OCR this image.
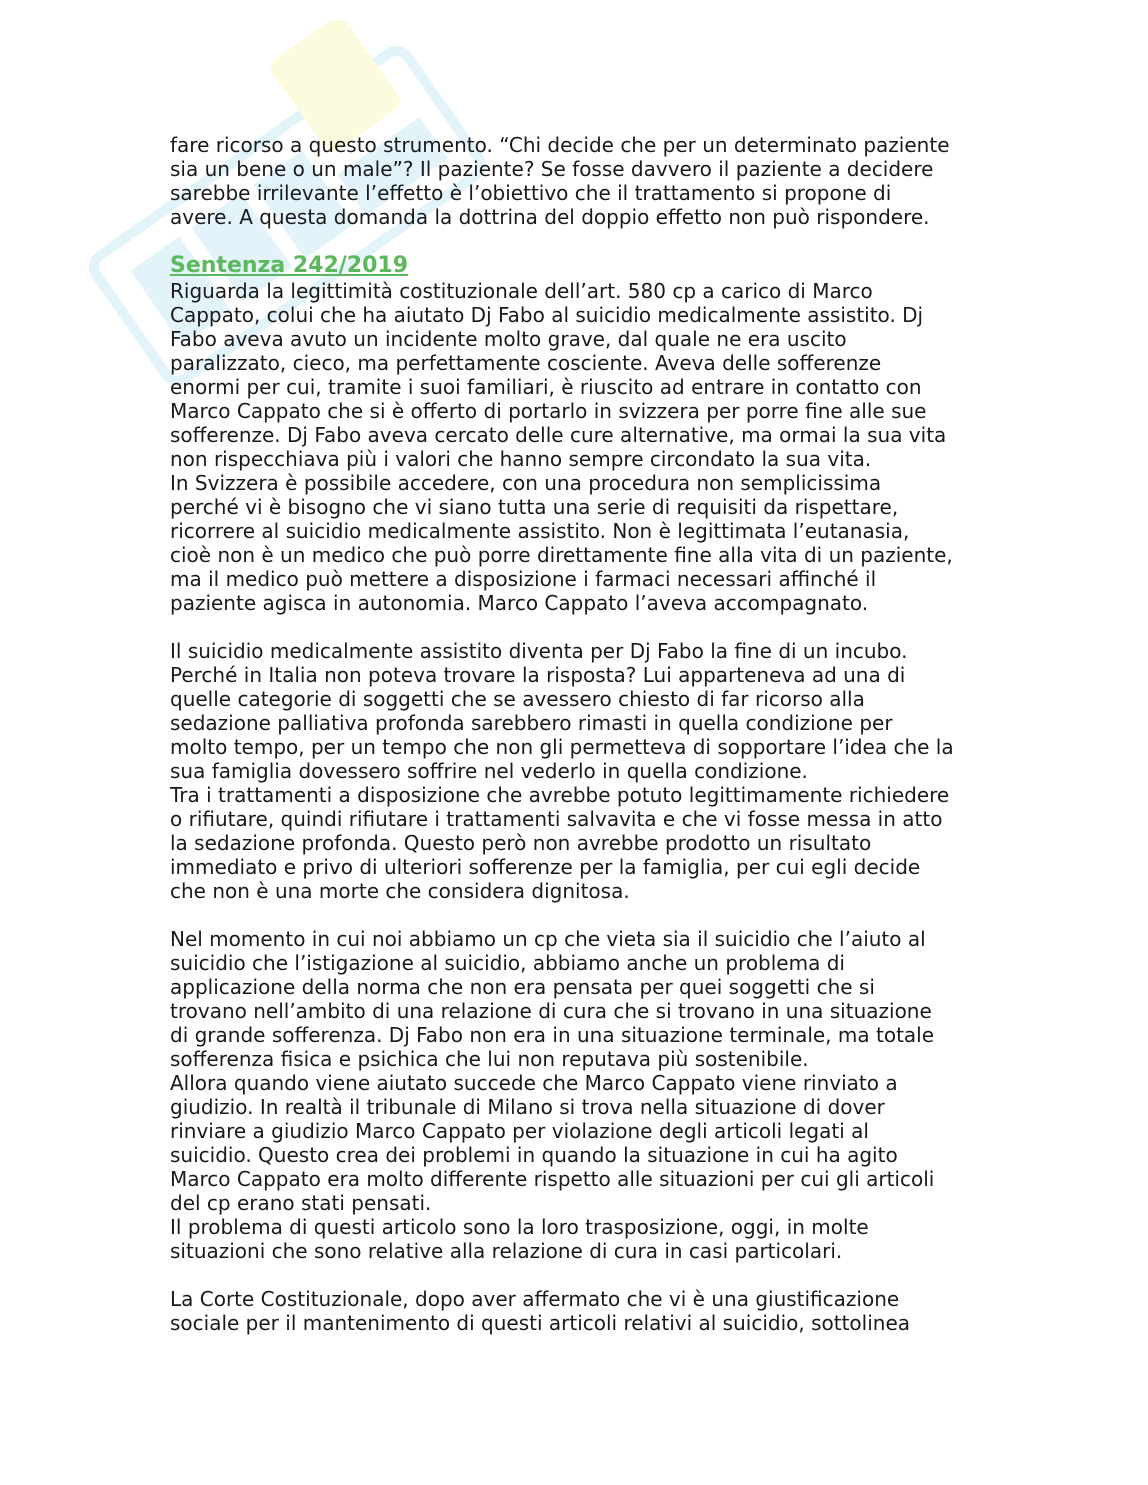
fare ricorso a questo strumento. “Chi decide che per un determinato paziente
sia un bene o un male”? Il paziente? Se fosse davvero il paziente a decidere
sarebbe irrilevante l’effetto è l’obiettivo che il trattamento si propone di
avere. A questa domanda la dottrina del doppio effetto non può rispondere.
Sentenza 242/2019
Riguarda la legittimità costituzionale dell’art. 580 cp a carico di Marco
Cappato, colui che ha aiutato Dj Fabo al suicidio medicalmente assistito. Dj
Fabo aveva avuto un incidente molto grave, dal quale ne era uscito
paralizzato, cieco, ma perfettamente cosciente. Aveva delle sofferenze
enormi per cui, tramite i suoi familiari, è riuscito ad entrare in contatto con
Marco Cappato che si è offerto di portarlo in svizzera per porre fine alle sue
sofferenze. Dj Fabo aveva cercato delle cure alternative, ma ormai la sua vita
non rispecchiava più i valori che hanno sempre circondato la sua vita.
In Svizzera è possibile accedere, con una procedura non semplicissima
perché vi è bisogno che vi siano tutta una serie di requisiti da rispettare,
ricorrere al suicidio medicalmente assistito. Non è legittimata l’eutanasia,
cioè non è un medico che può porre direttamente fine alla vita di un paziente,
ma il medico può mettere a disposizione i farmaci necessari affinché il
paziente agisca in autonomia. Marco Cappato l’aveva accompagnato.
Il suicidio medicalmente assistito diventa per Dj Fabo la fine di un incubo.
Perché in Italia non poteva trovare la risposta? Lui apparteneva ad una di
quelle categorie di soggetti che se avessero chiesto di far ricorso alla
sedazione palliativa profonda sarebbero rimasti in quella condizione per
molto tempo, per un tempo che non gli permetteva di sopportare l’idea che la
sua famiglia dovessero soffrire nel vederlo in quella condizione.
Tra i trattamenti a disposizione che avrebbe potuto legittimamente richiedere
o rifiutare, quindi rifiutare i trattamenti salvavita e che vi fosse messa in atto
la sedazione profonda. Questo però non avrebbe prodotto un risultato
immediato e privo di ulteriori sofferenze per la famiglia, per cui egli decide
che non è una morte che considera dignitosa.
Nel momento in cui noi abbiamo un cp che vieta sia il suicidio che l’aiuto al
suicidio che l’istigazione al suicidio, abbiamo anche un problema di
applicazione della norma che non era pensata per quei soggetti che si
trovano nell’ambito di una relazione di cura che si trovano in una situazione
di grande sofferenza. Dj Fabo non era in una situazione terminale, ma totale
sofferenza fisica e psichica che lui non reputava più sostenibile.
Allora quando viene aiutato succede che Marco Cappato viene rinviato a
giudizio. In realtà il tribunale di Milano si trova nella situazione di dover
rinviare a giudizio Marco Cappato per violazione degli articoli legati al
suicidio. Questo crea dei problemi in quando la situazione in cui ha agito
Marco Cappato era molto differente rispetto alle situazioni per cui gli articoli
del cp erano stati pensati.
Il problema di questi articolo sono la loro trasposizione, oggi, in molte
situazioni che sono relative alla relazione di cura in casi particolari.
La Corte Costituzionale, dopo aver affermato che vi è una giustificazione
sociale per il mantenimento di questi articoli relativi al suicidio, sottolinea
